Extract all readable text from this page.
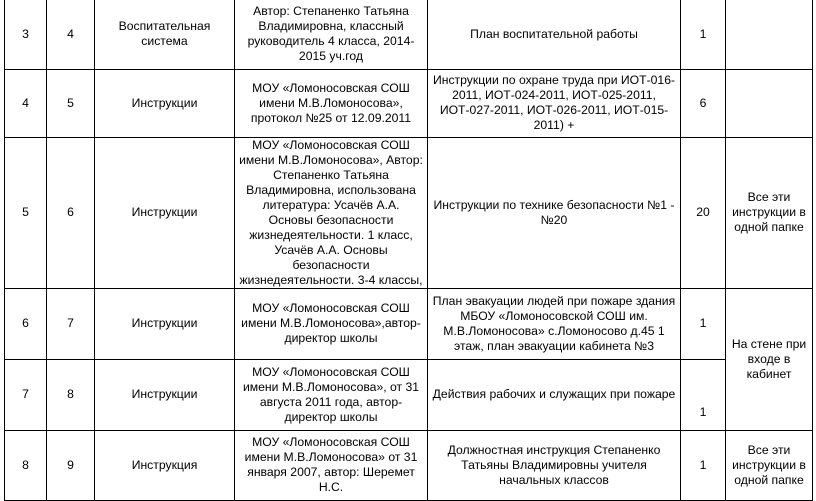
3	4	Воспитательная система	Автор: Степаненко Татьяна Владимировна, классный руководитель 4 класса, 2014-2015 уч.год	План воспитательной работы	1	
4	5	Инструкции	МОУ «Ломоносовская СОШ имени М.В.Ломоносова», протокол №25 от 12.09.2011	Инструкции по охране труда при ИОТ-016-2011, ИОТ-024-2011, ИОТ-025-2011, ИОТ-027-2011, ИОТ-026-2011, ИОТ-015-2011) +	6	
5	6	Инструкции	МОУ «Ломоносовская СОШ имени М.В.Ломоносова», Автор: Степаненко Татьяна Владимировна, использована литература: Усачёв А.А. Основы безопасности жизнедеятельности. 1 класс, Усачёв А.А. Основы безопасности жизнедеятельности. 3-4 классы,	Инструкции по технике безопасности №1 -№20	20	Все эти инструкции в одной папке
6	7	Инструкции	МОУ «Ломоносовская СОШ имени М.В.Ломоносова»,автор-директор школы	План эвакуации людей при пожаре здания МБОУ «Ломоносовской СОШ им. М.В.Ломоносова» с.Ломоносово д.45 1 этаж, план эвакуации кабинета №3	1	На стене при входе в кабинет
7	8	Инструкции	МОУ «Ломоносовская СОШ имени М.В.Ломоносова», от 31 августа 2011 года, автор-директор школы	Действия рабочих и служащих при пожаре	1	
8	9	Инструкция	МОУ «Ломоносовская СОШ имени М.В.Ломоносова» от 31 января 2007, автор: Шеремет Н.С.	Должностная инструкция Степаненко Татьяны Владимировны учителя начальных классов	1	Все эти инструкции в одной папке
